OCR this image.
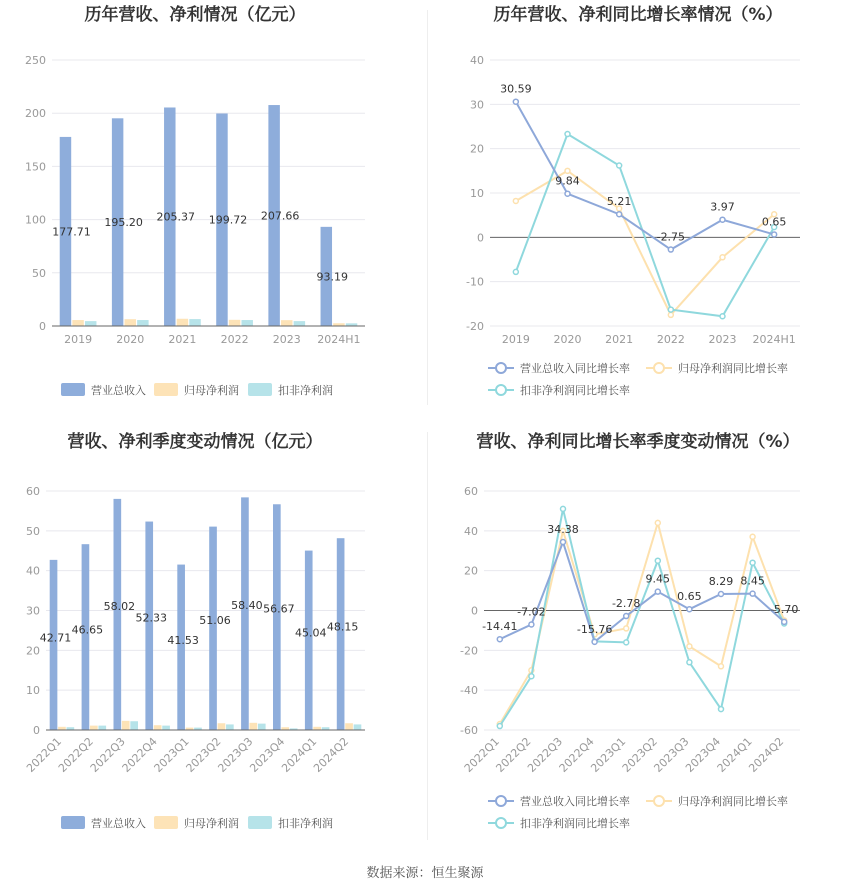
历年营收、净利情况（亿元）
0
50
100
150
200
250
177.71
195.20 205.37 199.72 207.66
93.19
2019 2020 2021 2022 2023 2024H1
营业总收入	归母净利润	扣非净利润
历年营收、净利同比增长率情况（%）
-20
-10
0
10
20
30
40
30.59
9.84
5.21
-2.75
3.97
0.65
2019 2020 2021 2022 2023 2024H1
营业总收入同比增长率	归母净利润同比增长率
扣非净利润同比增长率
营收、净利季度变动情况（亿元）
0
10
20
30
40
50
60
42.71
46.65
58.02
52.33
41.53
51.06
58.40 56.67
45.04 48.15
2022Q1
2022Q2
2022Q3
2022Q4
2023Q1
2023Q2
2023Q3
2023Q4
2024Q1
2024Q2
营业总收入	归母净利润	扣非净利润
营收、净利同比增长率季度变动情况（%）
-60
-40
-20
0
20
40
60
-14.41
-7.02
34.38
-15.76
-2.78
9.45
0.65
8.29 8.45
-5.70
2022Q1
2022Q2
2022Q3
2022Q4
2023Q1
2023Q2
2023Q3
2023Q4
2024Q1
2024Q2
营业总收入同比增长率	归母净利润同比增长率
扣非净利润同比增长率
数据来源：恒生聚源
